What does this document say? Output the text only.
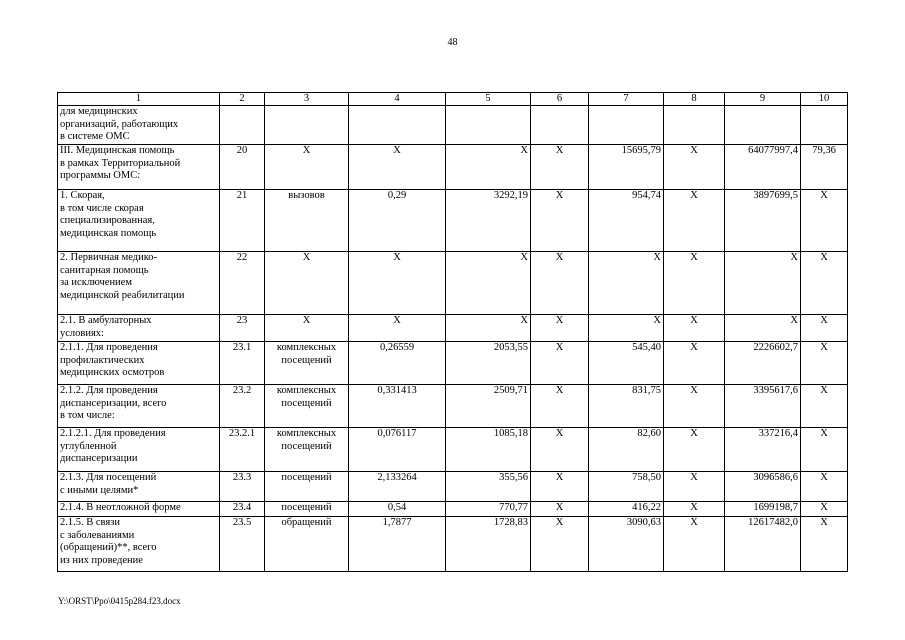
48
1	2	3	4	5	6	7	8	9	10
для медицинских
организаций, работающих
в системе ОМС									
III. Медицинская помощь
в рамках Территориальной
программы ОМС:	20	Х	Х	Х	Х	15695,79	Х	64077997,4	79,36
1. Скорая,
в том числе скорая
специализированная,
медицинская помощь	21	вызовов	0,29	3292,19	Х	954,74	Х	3897699,5	Х
2. Первичная медико-
санитарная помощь
за исключением
медицинской реабилитации	22	Х	Х	Х	Х	Х	Х	Х	Х
2.1. В амбулаторных
условиях:	23	Х	Х	Х	Х	Х	Х	Х	Х
2.1.1. Для проведения
профилактических
медицинских осмотров	23.1	комплексных
посещений	0,26559	2053,55	Х	545,40	Х	2226602,7	Х
2.1.2. Для проведения
диспансеризации, всего
в том числе:	23.2	комплексных
посещений	0,331413	2509,71	Х	831,75	Х	3395617,6	Х
2.1.2.1. Для проведения
углубленной
диспансеризации	23.2.1	комплексных
посещений	0,076117	1085,18	Х	82,60	Х	337216,4	Х
2.1.3. Для посещений
с иными целями*	23.3	посещений	2,133264	355,56	Х	758,50	Х	3096586,6	Х
2.1.4. В неотложной форме	23.4	посещений	0,54	770,77	Х	416,22	Х	1699198,7	Х
2.1.5. В связи
с заболеваниями
(обращений)**, всего
из них проведение	23.5	обращений	1,7877	1728,83	Х	3090,63	Х	12617482,0	Х
Y:\ORST\Ppo\0415p284.f23.docx
